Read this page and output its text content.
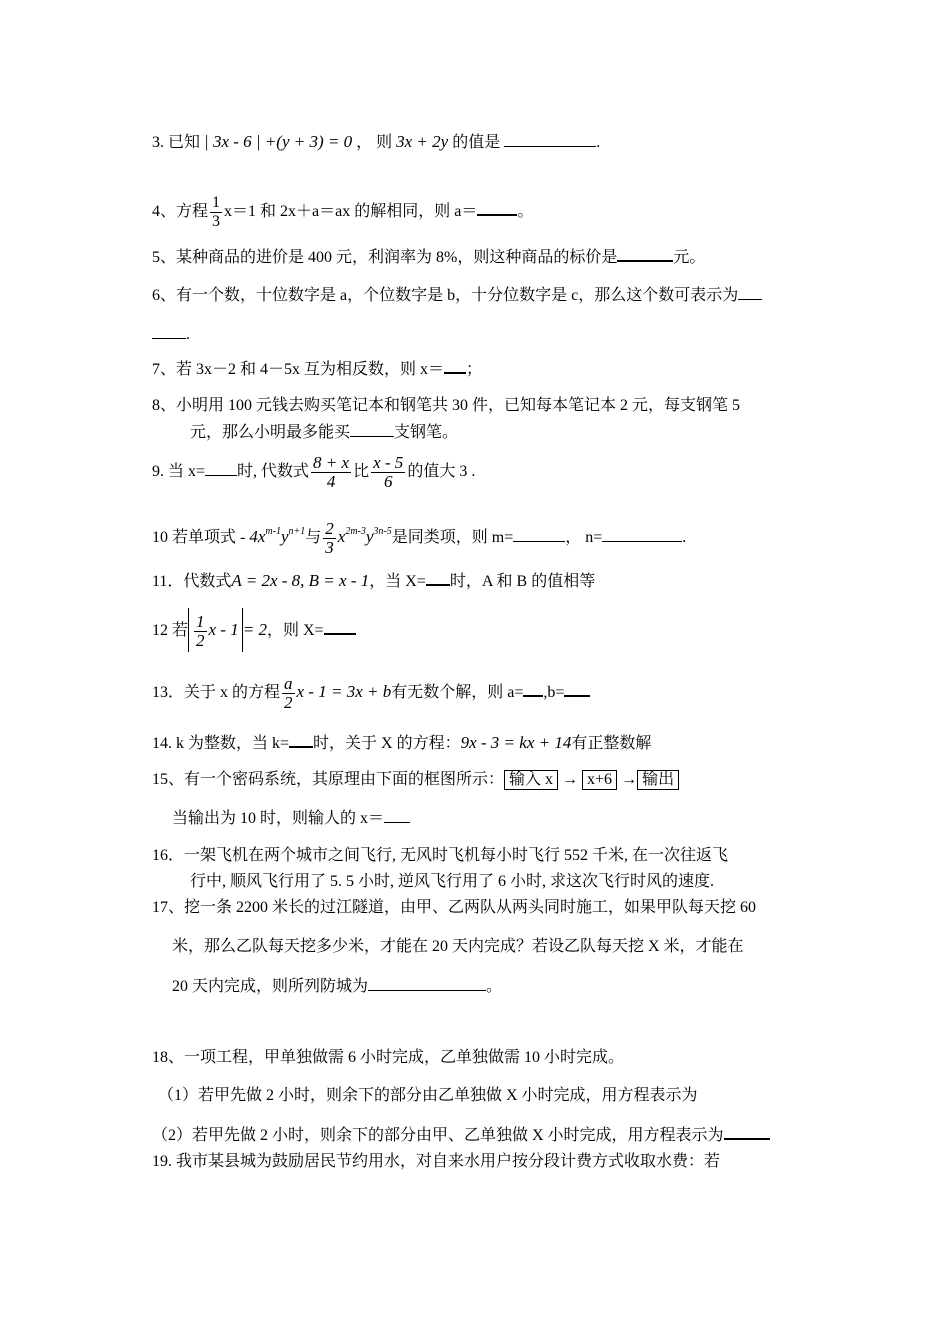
3. 已知 | 3x - 6 | +(y + 3) = 0 ， 则 3x + 2y 的值是	.
4、方程 $\frac{1}{3} x=1$ 和 2x＋a＝ax 的解相同，则 a＝	。
5、某种商品的进价是 400 元，利润率为 8%，则这种商品的标价是	元。
6、有一个数，十位数字是 a，个位数字是 b，十分位数字是 c，那么这个数可表示为
.
7、若 3x－2 和 4－5x 互为相反数，则 x＝ ；
8、小明用 100 元钱去购买笔记本和钢笔共 30 件，已知每本笔记本 2 元，每支钢笔 5
元，那么小明最多能买	支钢笔。
9. 当 x= 时, 代数式 $\frac{8 + x}{4}$ 比 $\frac{x - 5}{6}$ 的值大 3 .
10 若单项式 - $4x^{m-1}y^{n+1}$与 $\frac{2}{3} x^{2m-3}y^{3n-5}$是同类项，则 m=	， n=	.
11．代数式A = 2x - 8, B = x - 1，当 X= 时，A 和 B 的值相等
12 若 $\frac{1}{2}$ x - 1 = 2，则 X=
13．关于 x 的方程 $\frac{a}{2}$ x - 1 = 3x + b有无数个解，则 a= ,b=
14. k 为整数，当 k= 时，关于 X 的方程：9x - 3 = kx + 14有正整数解
15、有一个密码系统，其原理由下面的框图所示： 输入 x → x+6 → 输出
当输出为 10 时，则输人的 x＝
16．一架飞机在两个城市之间飞行, 无风时飞机每小时飞行 552 千米, 在一次往返飞
行中, 顺风飞行用了 5. 5 小时, 逆风飞行用了 6 小时, 求这次飞行时风的速度.
17、挖一条 2200 米长的过江隧道，由甲、乙两队从两头同时施工，如果甲队每天挖 60
米，那么乙队每天挖多少米，才能在 20 天内完成？若设乙队每天挖 X 米，才能在
20 天内完成，则所列防城为	。
18、一项工程，甲单独做需 6 小时完成，乙单独做需 10 小时完成。
（1）若甲先做 2 小时，则余下的部分由乙单独做 X 小时完成，用方程表示为
（2）若甲先做 2 小时，则余下的部分由甲、乙单独做 X 小时完成，用方程表示为
19. 我市某县城为鼓励居民节约用水，对自来水用户按分段计费方式收取水费：若
